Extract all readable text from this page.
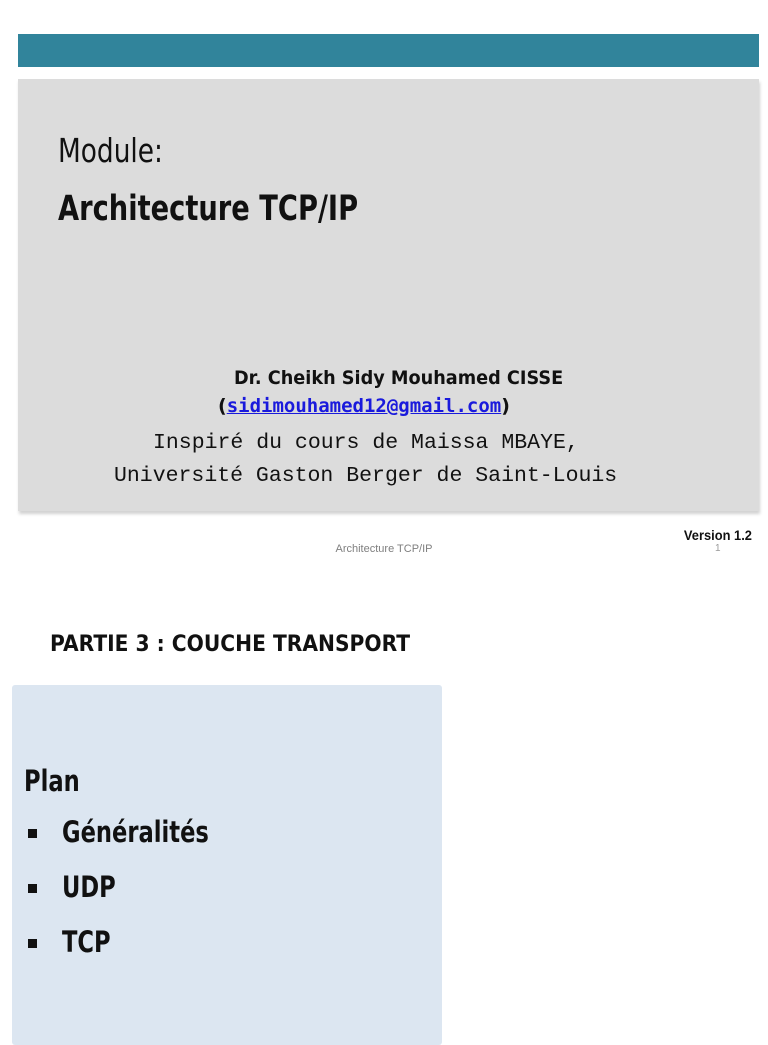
Module:
Architecture TCP/IP
Dr. Cheikh Sidy Mouhamed CISSE
(sidimouhamed12@gmail.com)
Inspiré du cours de Maissa MBAYE,
Université Gaston Berger de Saint-Louis
Version 1.2
Architecture TCP/IP	1
PARTIE 3 : COUCHE TRANSPORT
Plan
Généralités
UDP
TCP
